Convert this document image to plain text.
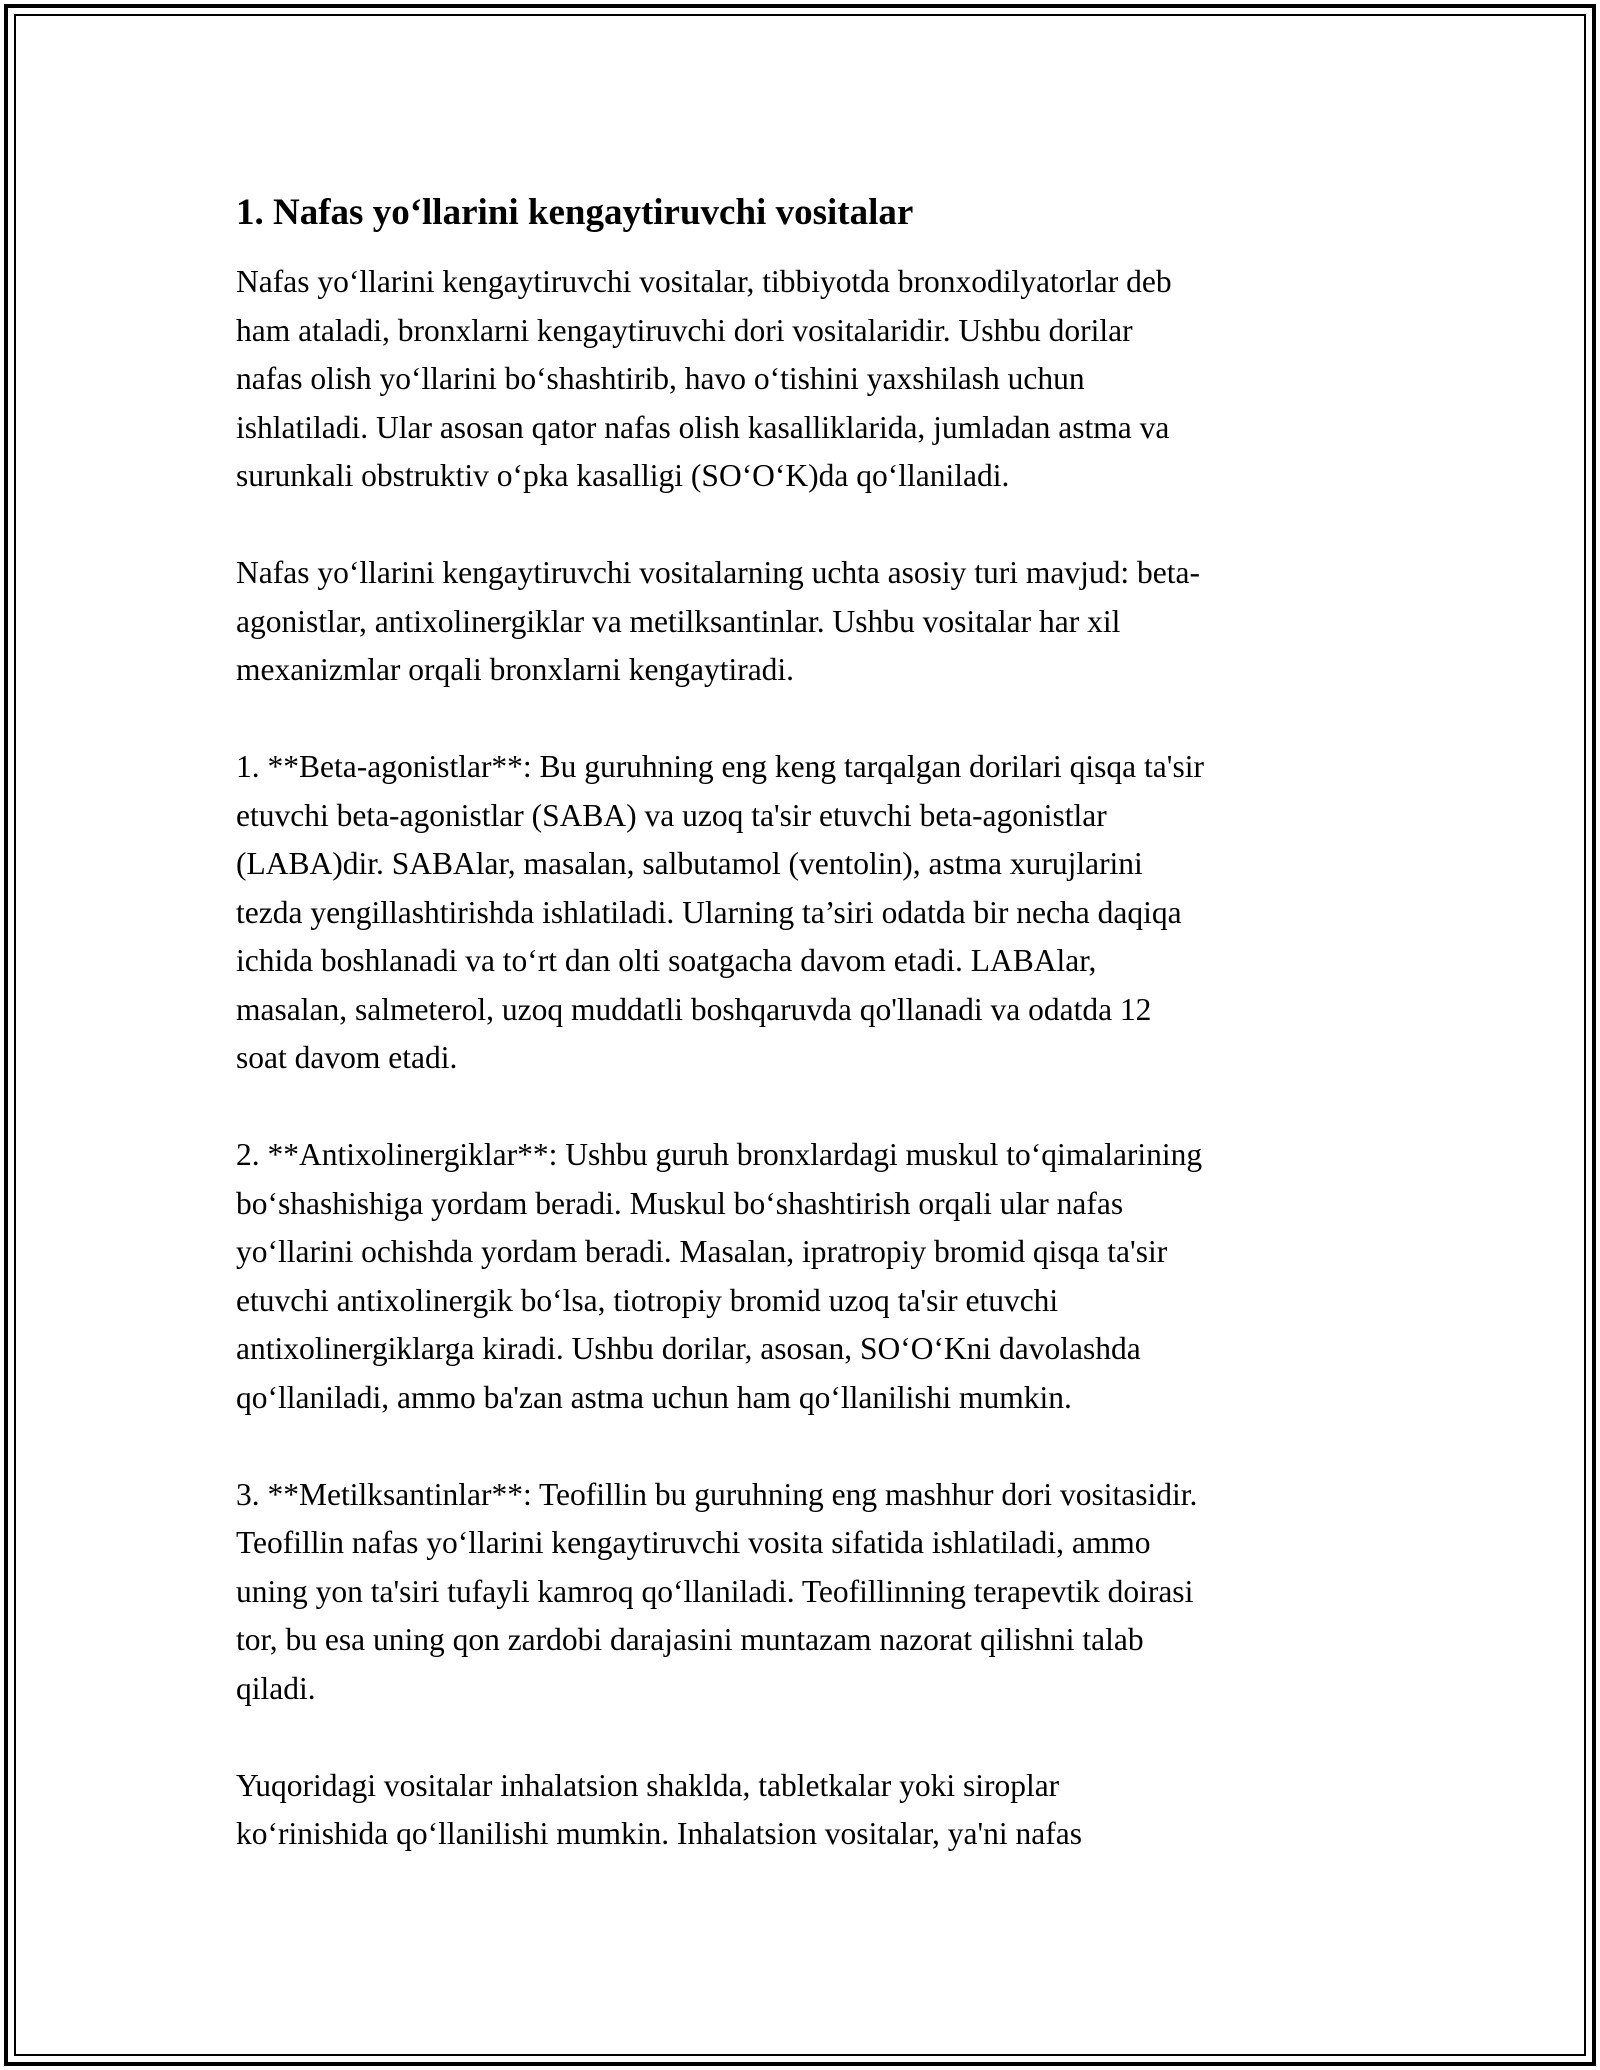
1. Nafas yo‘llarini kengaytiruvchi vositalar
Nafas yo‘llarini kengaytiruvchi vositalar, tibbiyotda bronxodilyatorlar deb
ham ataladi, bronxlarni kengaytiruvchi dori vositalaridir. Ushbu dorilar
nafas olish yo‘llarini bo‘shashtirib, havo o‘tishini yaxshilash uchun
ishlatiladi. Ular asosan qator nafas olish kasalliklarida, jumladan astma va
surunkali obstruktiv o‘pka kasalligi (SO‘O‘K)da qo‘llaniladi.
Nafas yo‘llarini kengaytiruvchi vositalarning uchta asosiy turi mavjud: beta-
agonistlar, antixolinergiklar va metilksantinlar. Ushbu vositalar har xil
mexanizmlar orqali bronxlarni kengaytiradi.
1. **Beta-agonistlar**: Bu guruhning eng keng tarqalgan dorilari qisqa ta'sir
etuvchi beta-agonistlar (SABA) va uzoq ta'sir etuvchi beta-agonistlar
(LABA)dir. SABAlar, masalan, salbutamol (ventolin), astma xurujlarini
tezda yengillashtirishda ishlatiladi. Ularning ta’siri odatda bir necha daqiqa
ichida boshlanadi va to‘rt dan olti soatgacha davom etadi. LABAlar,
masalan, salmeterol, uzoq muddatli boshqaruvda qo'llanadi va odatda 12
soat davom etadi.
2. **Antixolinergiklar**: Ushbu guruh bronxlardagi muskul to‘qimalarining
bo‘shashishiga yordam beradi. Muskul bo‘shashtirish orqali ular nafas
yo‘llarini ochishda yordam beradi. Masalan, ipratropiy bromid qisqa ta'sir
etuvchi antixolinergik bo‘lsa, tiotropiy bromid uzoq ta'sir etuvchi
antixolinergiklarga kiradi. Ushbu dorilar, asosan, SO‘O‘Kni davolashda
qo‘llaniladi, ammo ba'zan astma uchun ham qo‘llanilishi mumkin.
3. **Metilksantinlar**: Teofillin bu guruhning eng mashhur dori vositasidir.
Teofillin nafas yo‘llarini kengaytiruvchi vosita sifatida ishlatiladi, ammo
uning yon ta'siri tufayli kamroq qo‘llaniladi. Teofillinning terapevtik doirasi
tor, bu esa uning qon zardobi darajasini muntazam nazorat qilishni talab
qiladi.
Yuqoridagi vositalar inhalatsion shaklda, tabletkalar yoki siroplar
ko‘rinishida qo‘llanilishi mumkin. Inhalatsion vositalar, ya'ni nafas
